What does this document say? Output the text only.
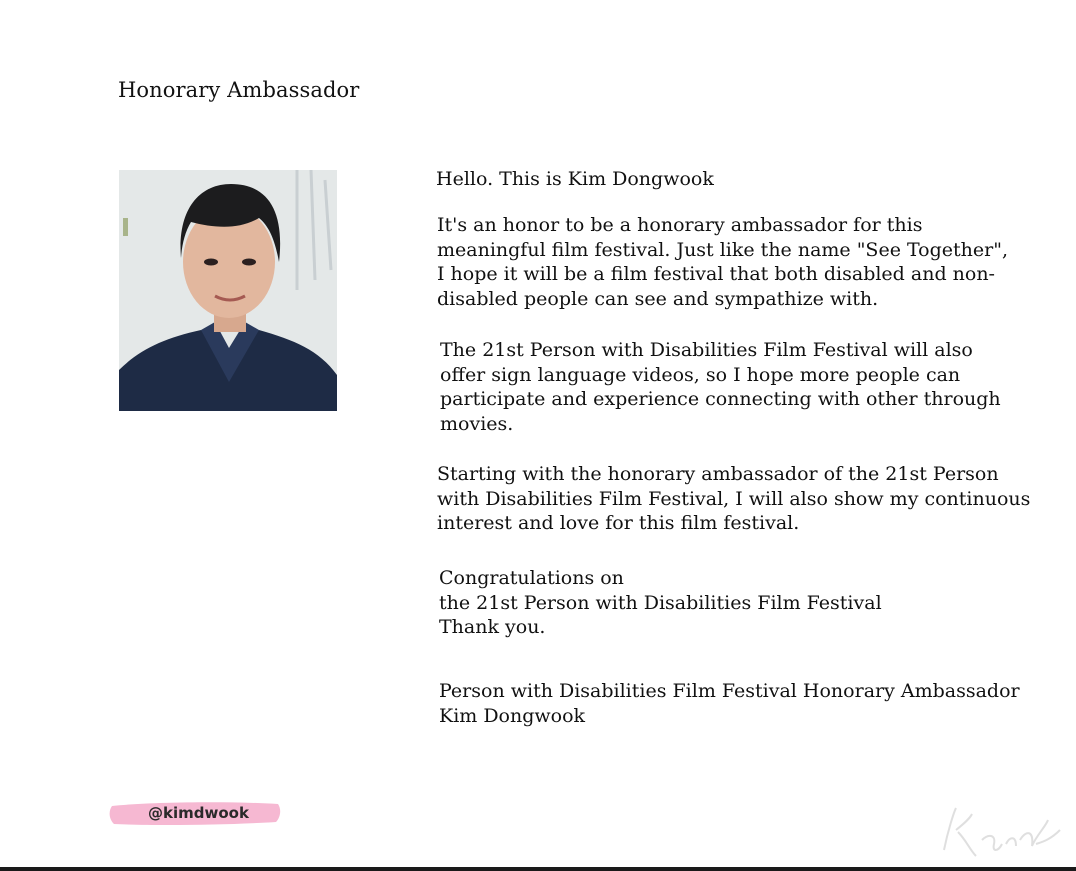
Honorary Ambassador
Hello. This is Kim Dongwook
It's an honor to be a honorary ambassador for this
meaningful film festival. Just like the name "See Together",
I hope it will be a film festival that both disabled and non-
disabled people can see and sympathize with.
The 21st Person with Disabilities Film Festival will also
offer sign language videos, so I hope more people can
participate and experience connecting with other through
movies.
Starting with the honorary ambassador of the 21st Person
with Disabilities Film Festival, I will also show my continuous
interest and love for this film festival.
Congratulations on
the 21st Person with Disabilities Film Festival
Thank you.
Person with Disabilities Film Festival Honorary Ambassador
Kim Dongwook
@kimdwook
